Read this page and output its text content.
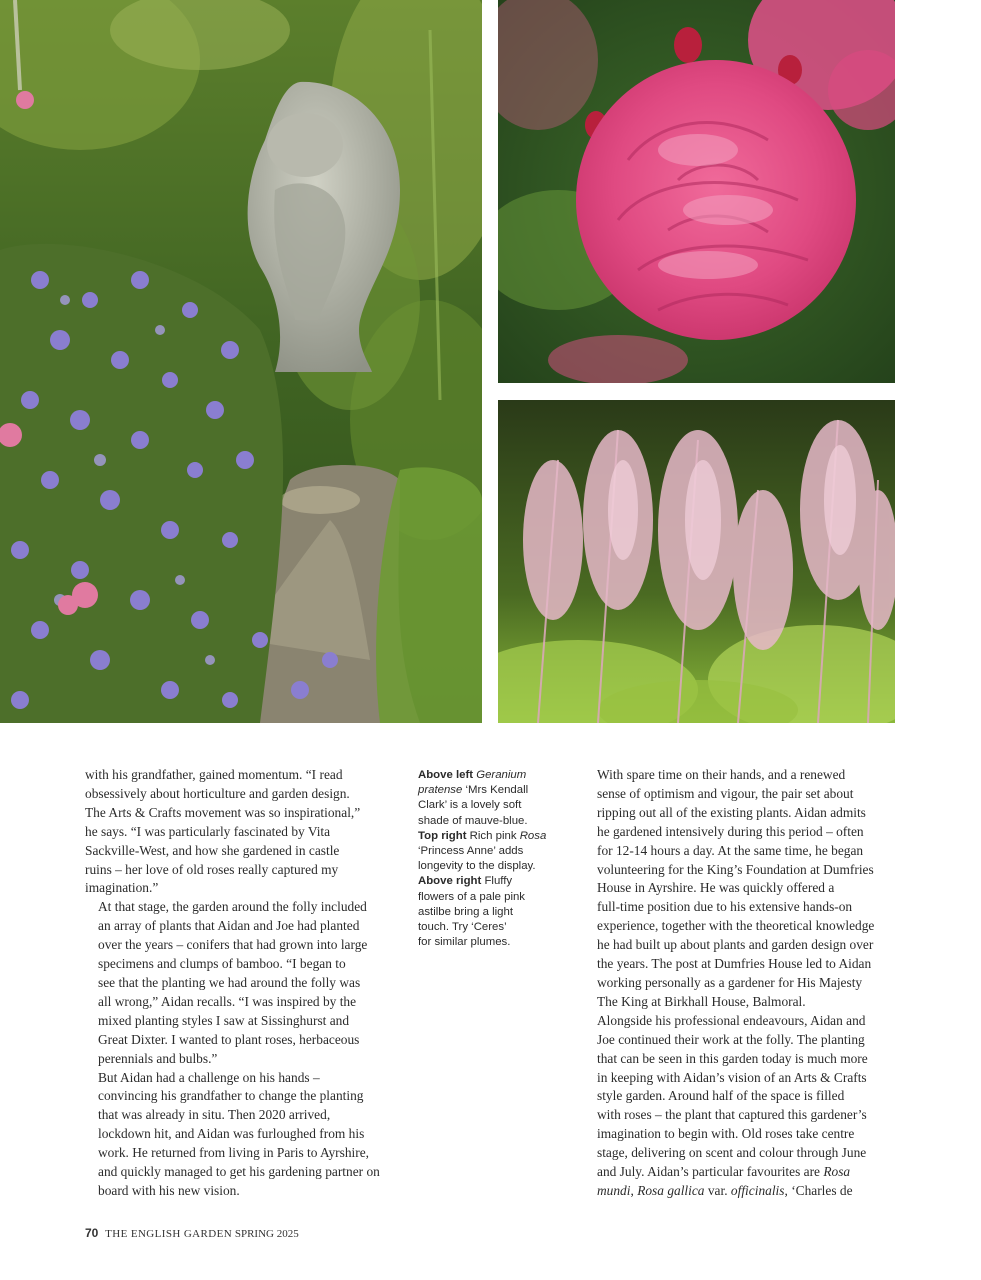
with his grandfather, gained momentum. “I read
obsessively about horticulture and garden design.
The Arts & Crafts movement was so inspirational,”
he says. “I was particularly fascinated by Vita
Sackville-West, and how she gardened in castle
ruins – her love of old roses really captured my
imagination.”

At that stage, the garden around the folly included
an array of plants that Aidan and Joe had planted
over the years – conifers that had grown into large
specimens and clumps of bamboo. “I began to
see that the planting we had around the folly was
all wrong,” Aidan recalls. “I was inspired by the
mixed planting styles I saw at Sissinghurst and
Great Dixter. I wanted to plant roses, herbaceous
perennials and bulbs.”

But Aidan had a challenge on his hands –
convincing his grandfather to change the planting
that was already in situ. Then 2020 arrived,
lockdown hit, and Aidan was furloughed from his
work. He returned from living in Paris to Ayrshire,
and quickly managed to get his gardening partner on
board with his new vision.

Above left Geranium
pratense ‘Mrs Kendall
Clark’ is a lovely soft
shade of mauve-blue.
Top right Rich pink Rosa
‘Princess Anne’ adds
longevity to the display.
Above right Fluffy
flowers of a pale pink
astilbe bring a light
touch. Try ‘Ceres’
for similar plumes.

With spare time on their hands, and a renewed
sense of optimism and vigour, the pair set about
ripping out all of the existing plants. Aidan admits
he gardened intensively during this period – often
for 12-14 hours a day. At the same time, he began
volunteering for the King’s Foundation at Dumfries
House in Ayrshire. He was quickly offered a
full-time position due to his extensive hands-on
experience, together with the theoretical knowledge
he had built up about plants and garden design over
the years. The post at Dumfries House led to Aidan
working personally as a gardener for His Majesty
The King at Birkhall House, Balmoral.

Alongside his professional endeavours, Aidan and
Joe continued their work at the folly. The planting
that can be seen in this garden today is much more
in keeping with Aidan’s vision of an Arts & Crafts
style garden. Around half of the space is filled
with roses – the plant that captured this gardener’s
imagination to begin with. Old roses take centre
stage, delivering on scent and colour through June
and July. Aidan’s particular favourites are Rosa
mundi, Rosa gallica var. officinalis, ‘Charles de

70 THE ENGLISH GARDEN SPRING 2025
